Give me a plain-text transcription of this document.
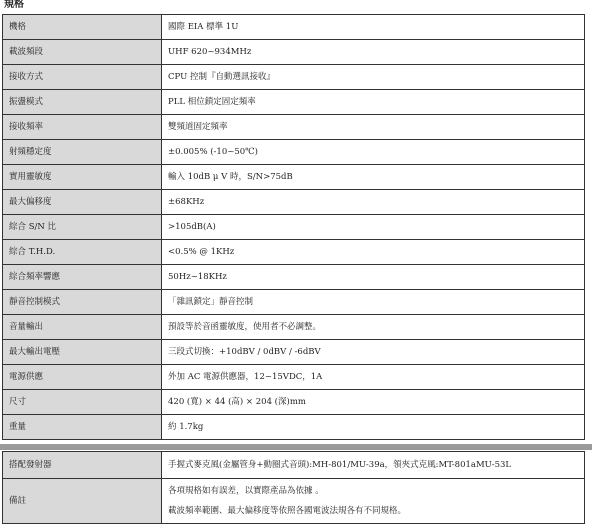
規格
機格	國際 EIA 標準 1U
載波頻段	UHF 620~934MHz
接收方式	CPU 控制『自動選訊接收』
振盪模式	PLL 相位鎖定固定頻率
接收頻率	雙頻道固定頻率
射頻穩定度	±0.005% (-10~50℃)
實用靈敏度	輸入 10dB μ V 時，S/N>75dB
最大偏移度	±68KHz
綜合 S/N 比	>105dB(A)
綜合 T.H.D.	<0.5% @ 1KHz
綜合頻率響應	50Hz~18KHz
靜音控制模式	「雜訊鎖定」靜音控制
音量輸出	預設等於音函靈敏度，使用者不必調整。
最大輸出電壓	三段式切換：+10dBV / 0dBV / -6dBV
電源供應	外加 AC 電源供應器，12~15VDC，1A
尺寸	420 (寬) × 44 (高) × 204 (深)mm
重量	約 1.7kg
搭配發射器	手握式麥克風(金屬管身+動圈式音頭):MH-801/MU-39a，領夾式克風:MT-801aMU-53L
備註	各項規格如有誤差，以實際產品為依據 。
載波頻率範圍、最大偏移度等依照各國電波法規各有不同規格。
